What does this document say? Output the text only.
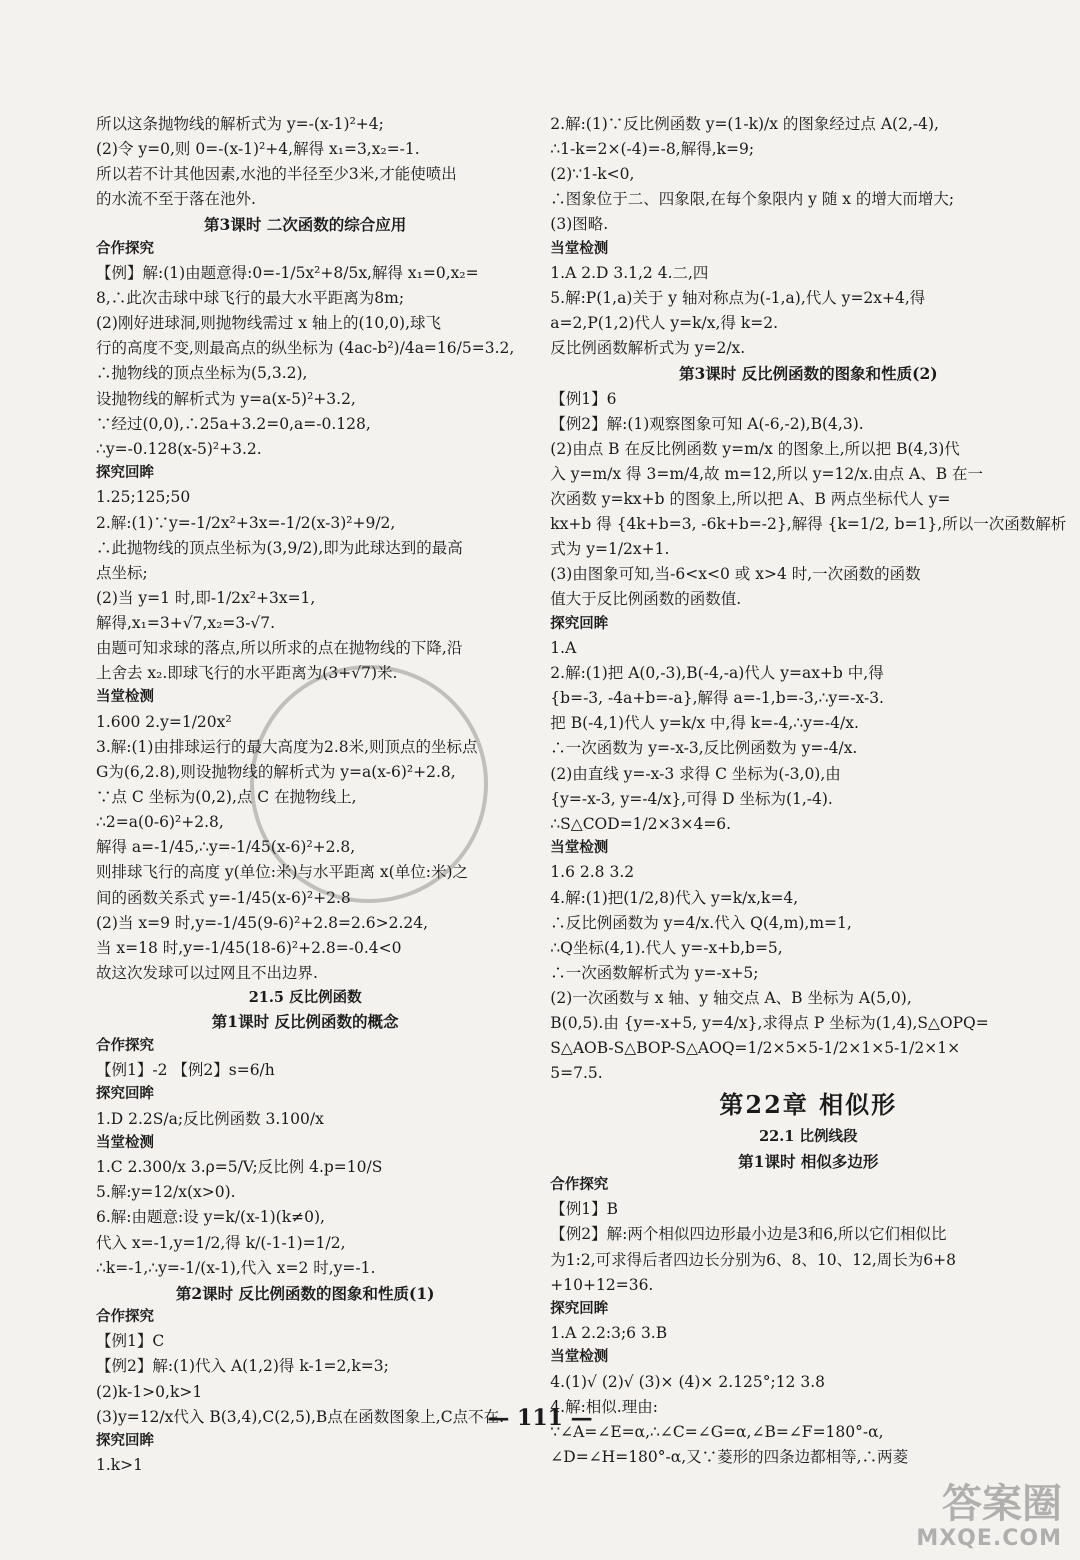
所以这条抛物线的解析式为 y=-(x-1)²+4;

(2)令 y=0,则 0=-(x-1)²+4,解得 x₁=3,x₂=-1.

所以若不计其他因素,水池的半径至少3米,才能使喷出

的水流不至于落在池外.

第3课时 二次函数的综合应用

合作探究

【例】解:(1)由题意得:0=-1/5x²+8/5x,解得 x₁=0,x₂=

8,∴此次击球中球飞行的最大水平距离为8m;

(2)刚好进球洞,则抛物线需过 x 轴上的(10,0),球飞

行的高度不变,则最高点的纵坐标为 (4ac-b²)/4a=16/5=3.2,

∴抛物线的顶点坐标为(5,3.2),

设抛物线的解析式为 y=a(x-5)²+3.2,

∵经过(0,0),∴25a+3.2=0,a=-0.128,

∴y=-0.128(x-5)²+3.2.

探究回眸

1.25;125;50

2.解:(1)∵y=-1/2x²+3x=-1/2(x-3)²+9/2,

∴此抛物线的顶点坐标为(3,9/2),即为此球达到的最高

点坐标;

(2)当 y=1 时,即-1/2x²+3x=1,

解得,x₁=3+√7,x₂=3-√7.

由题可知求球的落点,所以所求的点在抛物线的下降,沿

上舍去 x₂.即球飞行的水平距离为(3+√7)米.

当堂检测

1.600 2.y=1/20x²

3.解:(1)由排球运行的最大高度为2.8米,则顶点的坐标点

G为(6,2.8),则设抛物线的解析式为 y=a(x-6)²+2.8,

∵点 C 坐标为(0,2),点 C 在抛物线上,

∴2=a(0-6)²+2.8,

解得 a=-1/45,∴y=-1/45(x-6)²+2.8,

则排球飞行的高度 y(单位:米)与水平距离 x(单位:米)之

间的函数关系式 y=-1/45(x-6)²+2.8

(2)当 x=9 时,y=-1/45(9-6)²+2.8=2.6>2.24,

当 x=18 时,y=-1/45(18-6)²+2.8=-0.4<0

故这次发球可以过网且不出边界.

21.5 反比例函数

第1课时 反比例函数的概念

合作探究

【例1】-2 【例2】s=6/h

探究回眸

1.D 2.2S/a;反比例函数 3.100/x

当堂检测

1.C 2.300/x 3.ρ=5/V;反比例 4.p=10/S

5.解:y=12/x(x>0).

6.解:由题意:设 y=k/(x-1)(k≠0),

代入 x=-1,y=1/2,得 k/(-1-1)=1/2,

∴k=-1,∴y=-1/(x-1),代入 x=2 时,y=-1.

第2课时 反比例函数的图象和性质(1)

合作探究

【例1】C

【例2】解:(1)代入 A(1,2)得 k-1=2,k=3;

(2)k-1>0,k>1

(3)y=12/x代入 B(3,4),C(2,5),B点在函数图象上,C点不在.

探究回眸

1.k>1

2.解:(1)∵反比例函数 y=(1-k)/x 的图象经过点 A(2,-4),

∴1-k=2×(-4)=-8,解得,k=9;

(2)∵1-k<0,

∴图象位于二、四象限,在每个象限内 y 随 x 的增大而增大;

(3)图略.

当堂检测

1.A 2.D 3.1,2 4.二,四

5.解:P(1,a)关于 y 轴对称点为(-1,a),代人 y=2x+4,得

a=2,P(1,2)代人 y=k/x,得 k=2.

反比例函数解析式为 y=2/x.

第3课时 反比例函数的图象和性质(2)

【例1】6

【例2】解:(1)观察图象可知 A(-6,-2),B(4,3).

(2)由点 B 在反比例函数 y=m/x 的图象上,所以把 B(4,3)代

入 y=m/x 得 3=m/4,故 m=12,所以 y=12/x.由点 A、B 在一

次函数 y=kx+b 的图象上,所以把 A、B 两点坐标代人 y=

kx+b 得 {4k+b=3, -6k+b=-2},解得 {k=1/2, b=1},所以一次函数解析

式为 y=1/2x+1.

(3)由图象可知,当-6<x<0 或 x>4 时,一次函数的函数

值大于反比例函数的函数值.

探究回眸

1.A

2.解:(1)把 A(0,-3),B(-4,-a)代人 y=ax+b 中,得

{b=-3, -4a+b=-a},解得 a=-1,b=-3,∴y=-x-3.

把 B(-4,1)代人 y=k/x 中,得 k=-4,∴y=-4/x.

∴一次函数为 y=-x-3,反比例函数为 y=-4/x.

(2)由直线 y=-x-3 求得 C 坐标为(-3,0),由

{y=-x-3, y=-4/x},可得 D 坐标为(1,-4).

∴S△COD=1/2×3×4=6.

当堂检测

1.6 2.8 3.2

4.解:(1)把(1/2,8)代入 y=k/x,k=4,

∴反比例函数为 y=4/x.代入 Q(4,m),m=1,

∴Q坐标(4,1).代人 y=-x+b,b=5,

∴一次函数解析式为 y=-x+5;

(2)一次函数与 x 轴、y 轴交点 A、B 坐标为 A(5,0),

B(0,5).由 {y=-x+5, y=4/x},求得点 P 坐标为(1,4),S△OPQ=

S△AOB-S△BOP-S△AOQ=1/2×5×5-1/2×1×5-1/2×1×

5=7.5.

第22章 相似形

22.1 比例线段

第1课时 相似多边形

合作探究

【例1】B

【例2】解:两个相似四边形最小边是3和6,所以它们相似比

为1:2,可求得后者四边长分别为6、8、10、12,周长为6+8

+10+12=36.

探究回眸

1.A 2.2:3;6 3.B

当堂检测

4.(1)√ (2)√ (3)× (4)× 2.125°;12 3.8

4.解:相似.理由:

∵∠A=∠E=α,∴∠C=∠G=α,∠B=∠F=180°-α,

∠D=∠H=180°-α,又∵菱形的四条边都相等,∴两菱

— 111 —
答案圈
MXQE.COM
